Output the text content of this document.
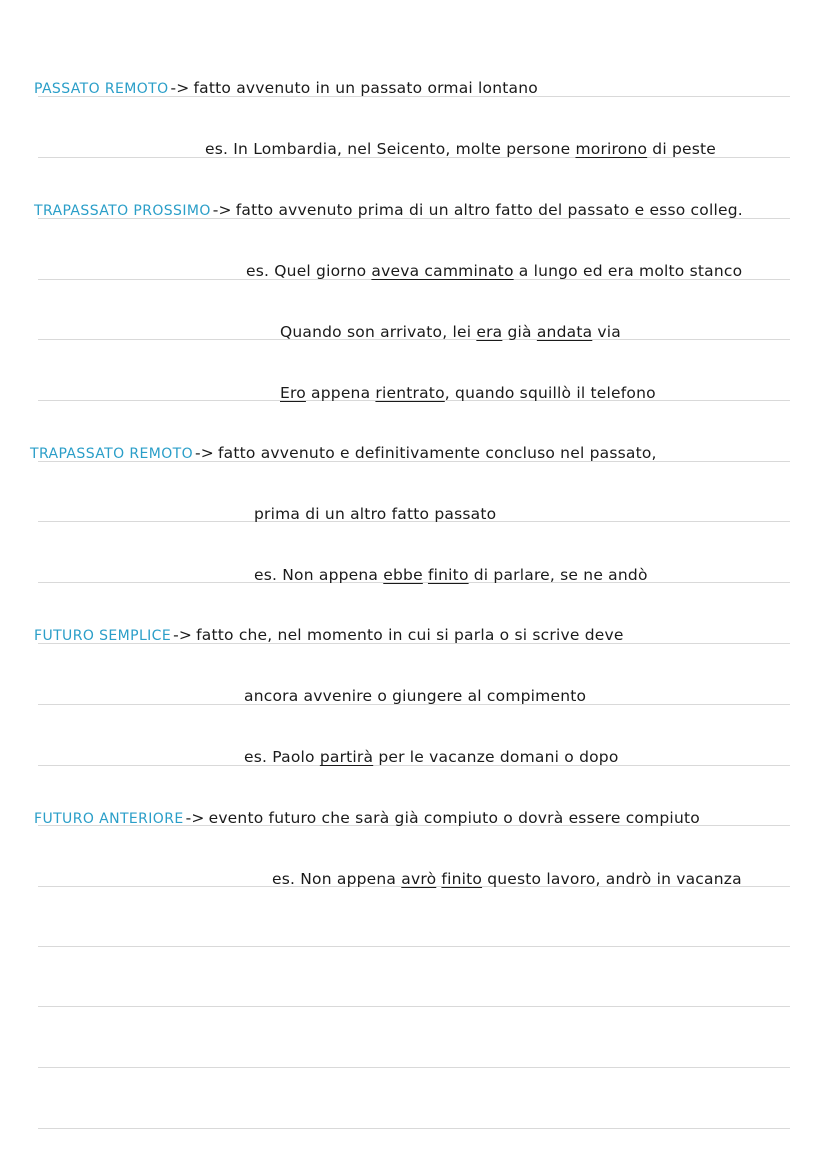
PASSATO REMOTO -> fatto avvenuto in un passato ormai lontano
es. In Lombardia, nel Seicento, molte persone morirono di peste
TRAPASSATO PROSSIMO -> fatto avvenuto prima di un altro fatto del passato e esso colleg.
es. Quel giorno aveva camminato a lungo ed era molto stanco
Quando son arrivato, lei era già andata via
Ero appena rientrato, quando squillò il telefono
TRAPASSATO REMOTO -> fatto avvenuto e definitivamente concluso nel passato,
prima di un altro fatto passato
es. Non appena ebbe finito di parlare, se ne andò
FUTURO SEMPLICE -> fatto che, nel momento in cui si parla o si scrive deve
ancora avvenire o giungere al compimento
es. Paolo partirà per le vacanze domani o dopo
FUTURO ANTERIORE -> evento futuro che sarà già compiuto o dovrà essere compiuto
es. Non appena avrò finito questo lavoro, andrò in vacanza
